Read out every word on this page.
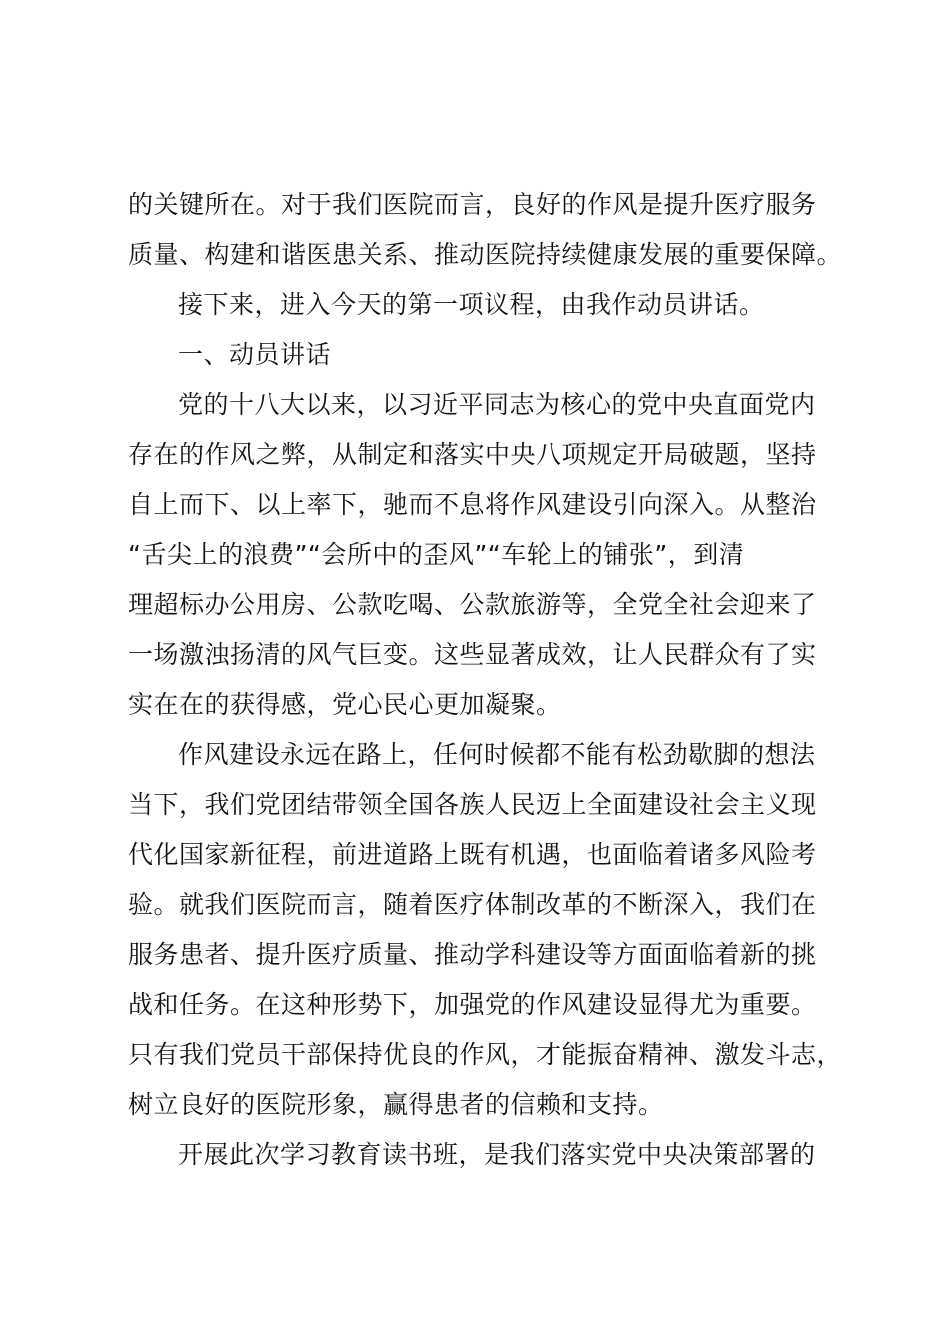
的关键所在。对于我们医院而言，良好的作风是提升医疗服务
质量、构建和谐医患关系、推动医院持续健康发展的重要保障。
接下来，进入今天的第一项议程，由我作动员讲话。
一、动员讲话
党的十八大以来，以习近平同志为核心的党中央直面党内
存在的作风之弊，从制定和落实中央八项规定开局破题，坚持
自上而下、以上率下，驰而不息将作风建设引向深入。从整治
“舌尖上的浪费”“会所中的歪风”“车轮上的铺张”，到清
理超标办公用房、公款吃喝、公款旅游等，全党全社会迎来了
一场激浊扬清的风气巨变。这些显著成效，让人民群众有了实
实在在的获得感，党心民心更加凝聚。
作风建设永远在路上，任何时候都不能有松劲歇脚的想法
当下，我们党团结带领全国各族人民迈上全面建设社会主义现
代化国家新征程，前进道路上既有机遇，也面临着诸多风险考
验。就我们医院而言，随着医疗体制改革的不断深入，我们在
服务患者、提升医疗质量、推动学科建设等方面面临着新的挑
战和任务。在这种形势下，加强党的作风建设显得尤为重要。
只有我们党员干部保持优良的作风，才能振奋精神、激发斗志，
树立良好的医院形象，赢得患者的信赖和支持。
开展此次学习教育读书班，是我们落实党中央决策部署的
